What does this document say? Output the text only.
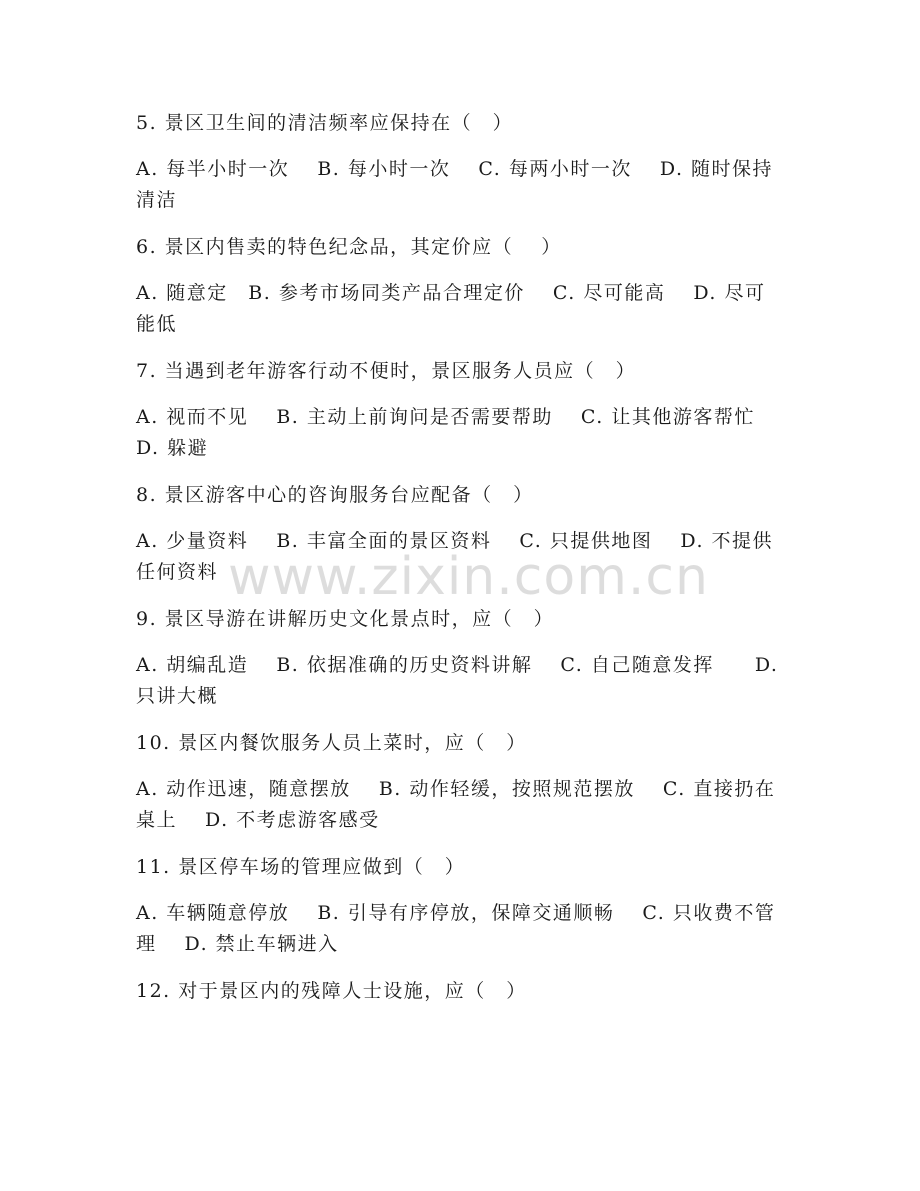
5. 景区卫生间的清洁频率应保持在（　）
A. 每半小时一次　 B. 每小时一次　 C. 每两小时一次　 D. 随时保持清洁
6. 景区内售卖的特色纪念品，其定价应（　 ）
A. 随意定　B. 参考市场同类产品合理定价　 C. 尽可能高　 D. 尽可能低
7. 当遇到老年游客行动不便时，景区服务人员应（　）
A. 视而不见　 B. 主动上前询问是否需要帮助　 C. 让其他游客帮忙　D. 躲避
8. 景区游客中心的咨询服务台应配备（　）
A. 少量资料　 B. 丰富全面的景区资料　 C. 只提供地图　 D. 不提供任何资料
9. 景区导游在讲解历史文化景点时，应（　）
A. 胡编乱造　 B. 依据准确的历史资料讲解　 C. 自己随意发挥　　D. 只讲大概
10. 景区内餐饮服务人员上菜时，应（　）
A. 动作迅速，随意摆放　 B. 动作轻缓，按照规范摆放　 C. 直接扔在桌上　 D. 不考虑游客感受
11. 景区停车场的管理应做到（　）
A. 车辆随意停放　 B. 引导有序停放，保障交通顺畅　 C. 只收费不管理　 D. 禁止车辆进入
12. 对于景区内的残障人士设施，应（　）
www.zixin.com.cn
